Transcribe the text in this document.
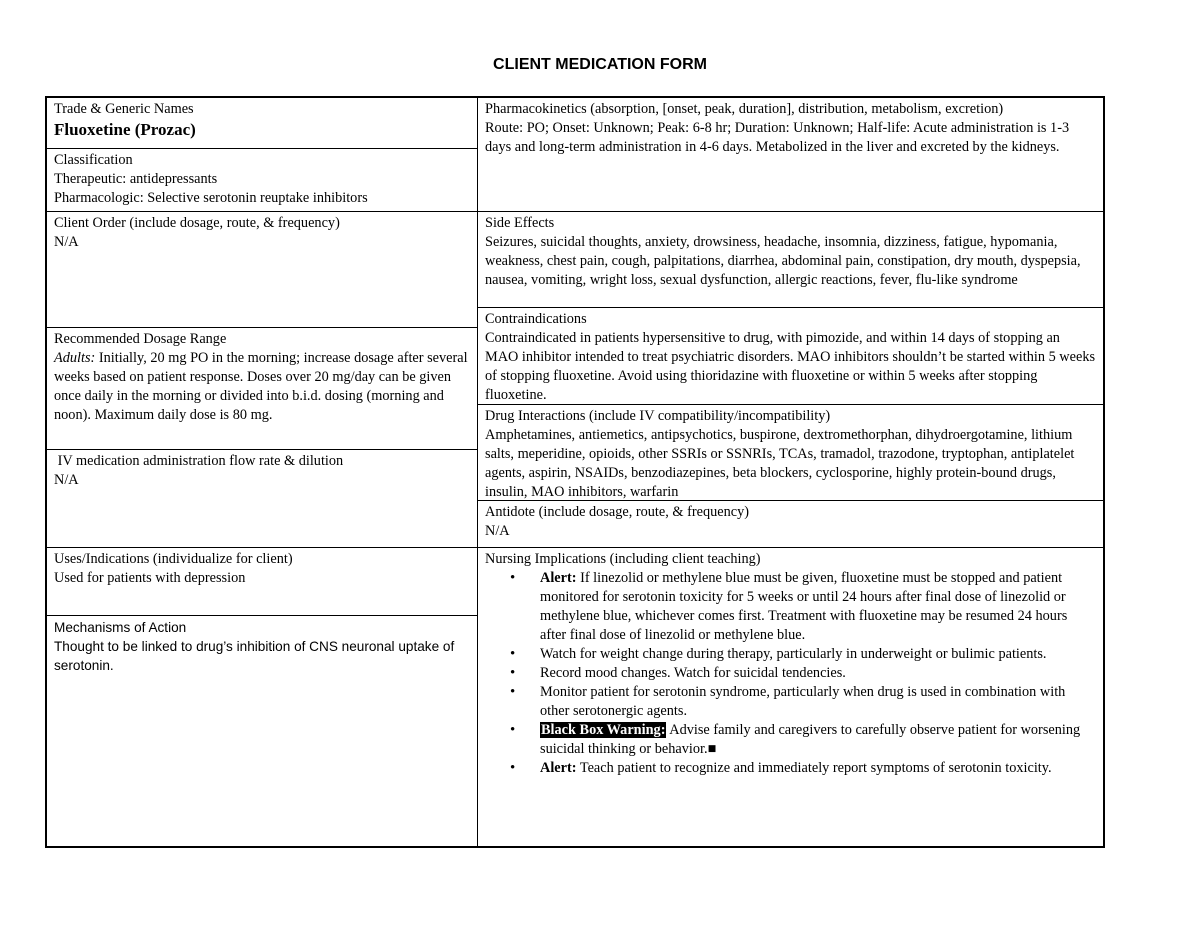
CLIENT MEDICATION FORM
Trade & Generic Names
Fluoxetine (Prozac)
Classification
Therapeutic: antidepressants
Pharmacologic: Selective serotonin reuptake inhibitors
Client Order (include dosage, route, & frequency)
N/A
Recommended Dosage Range
Adults: Initially, 20 mg PO in the morning; increase dosage after several weeks based on patient response. Doses over 20 mg/day can be given once daily in the morning or divided into b.i.d. dosing (morning and noon). Maximum daily dose is 80 mg.
IV medication administration flow rate & dilution
N/A
Uses/Indications (individualize for client)
Used for patients with depression
Mechanisms of Action
Thought to be linked to drug’s inhibition of CNS neuronal uptake of serotonin.
Pharmacokinetics (absorption, [onset, peak, duration], distribution, metabolism, excretion)
Route: PO; Onset: Unknown; Peak: 6-8 hr; Duration: Unknown; Half-life: Acute administration is 1-3 days and long-term administration in 4-6 days. Metabolized in the liver and excreted by the kidneys.
Side Effects
Seizures, suicidal thoughts, anxiety, drowsiness, headache, insomnia, dizziness, fatigue, hypomania, weakness, chest pain, cough, palpitations, diarrhea, abdominal pain, constipation, dry mouth, dyspepsia, nausea, vomiting, wright loss, sexual dysfunction, allergic reactions, fever, flu-like syndrome
Contraindications
Contraindicated in patients hypersensitive to drug, with pimozide, and within 14 days of stopping an MAO inhibitor intended to treat psychiatric disorders. MAO inhibitors shouldn’t be started within 5 weeks of stopping fluoxetine. Avoid using thioridazine with fluoxetine or within 5 weeks after stopping fluoxetine.
Drug Interactions (include IV compatibility/incompatibility)
Amphetamines, antiemetics, antipsychotics, buspirone, dextromethorphan, dihydroergotamine, lithium salts, meperidine, opioids, other SSRIs or SSNRIs, TCAs, tramadol, trazodone, tryptophan, antiplatelet agents, aspirin, NSAIDs, benzodiazepines, beta blockers, cyclosporine, highly protein-bound drugs, insulin, MAO inhibitors, warfarin
Antidote (include dosage, route, & frequency)
N/A
Nursing Implications (including client teaching)
• Alert: If linezolid or methylene blue must be given, fluoxetine must be stopped and patient monitored for serotonin toxicity for 5 weeks or until 24 hours after final dose of linezolid or methylene blue, whichever comes first. Treatment with fluoxetine may be resumed 24 hours after final dose of linezolid or methylene blue.
• Watch for weight change during therapy, particularly in underweight or bulimic patients.
• Record mood changes. Watch for suicidal tendencies.
• Monitor patient for serotonin syndrome, particularly when drug is used in combination with other serotonergic agents.
• Black Box Warning: Advise family and caregivers to carefully observe patient for worsening suicidal thinking or behavior.■
• Alert: Teach patient to recognize and immediately report symptoms of serotonin toxicity.
